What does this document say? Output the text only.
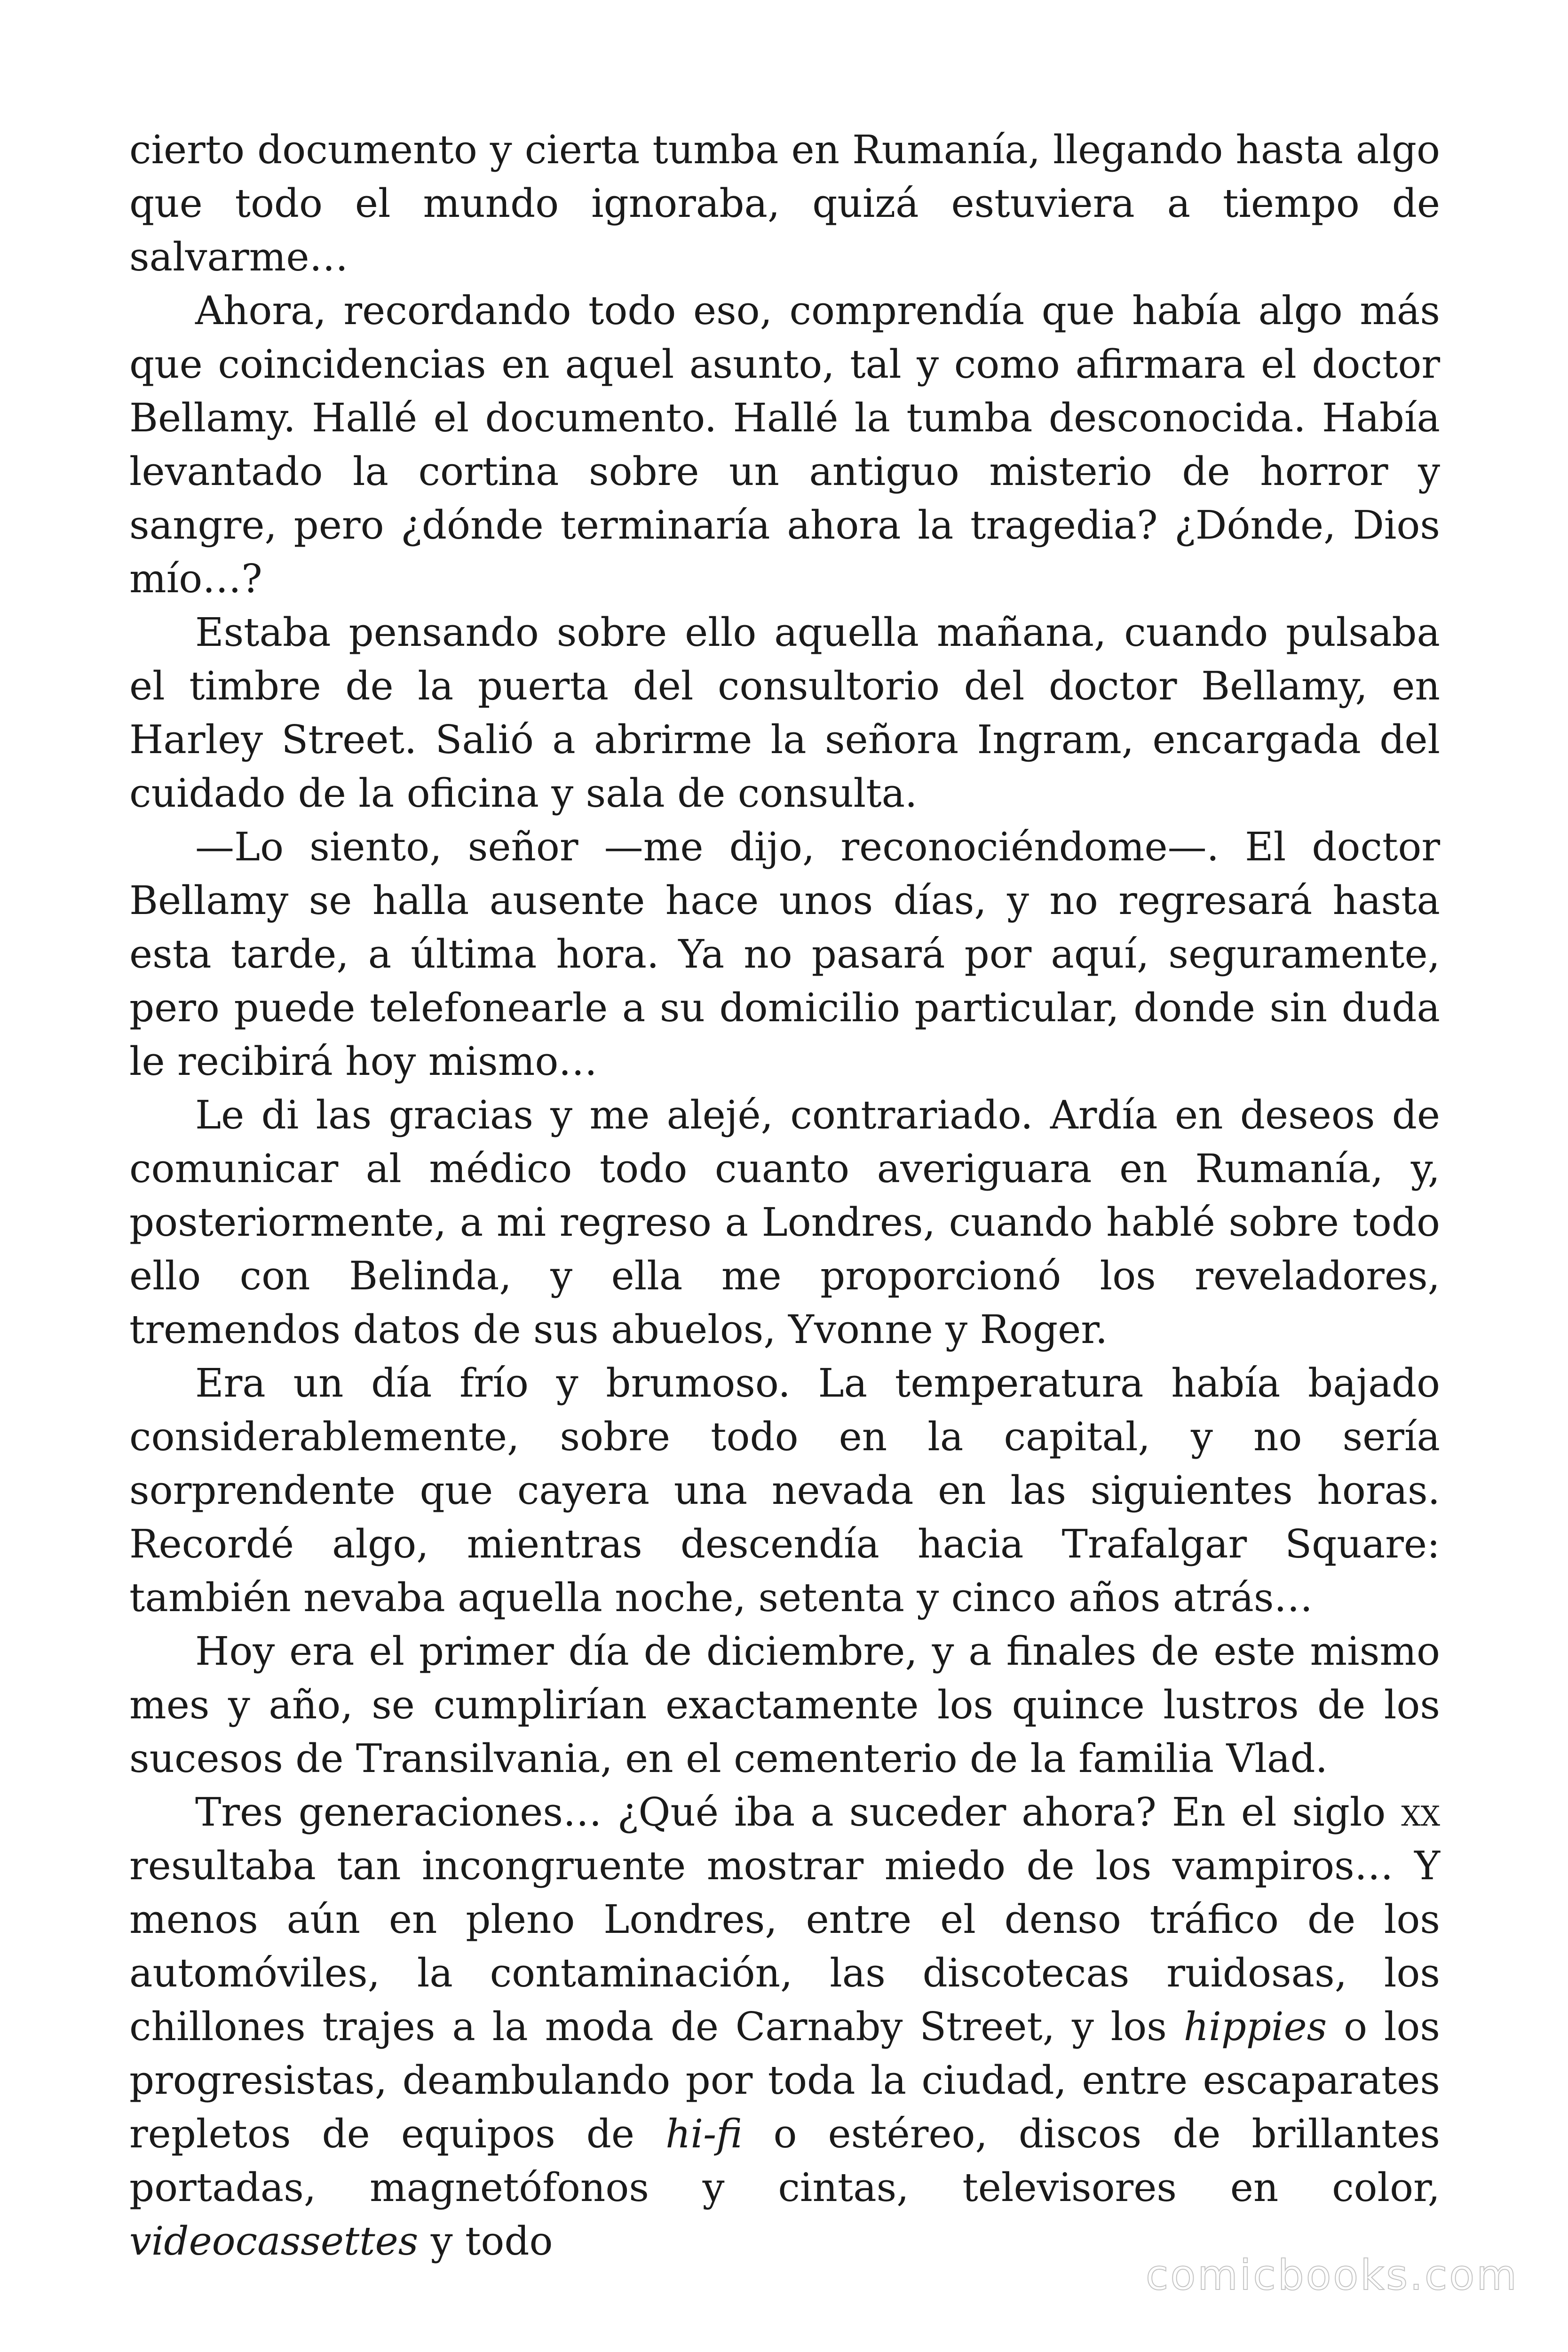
cierto documento y cierta tumba en Rumanía, llegando hasta algo que todo el mundo ignoraba, quizá estuviera a tiempo de salvarme…

Ahora, recordando todo eso, comprendía que había algo más que coincidencias en aquel asunto, tal y como afirmara el doctor Bellamy. Hallé el documento. Hallé la tumba desconocida. Había levantado la cortina sobre un antiguo misterio de horror y sangre, pero ¿dónde terminaría ahora la tragedia? ¿Dónde, Dios mío…?

Estaba pensando sobre ello aquella mañana, cuando pulsaba el timbre de la puerta del consultorio del doctor Bellamy, en Harley Street. Salió a abrirme la señora Ingram, encargada del cuidado de la oficina y sala de consulta.

—Lo siento, señor —me dijo, reconociéndome—. El doctor Bellamy se halla ausente hace unos días, y no regresará hasta esta tarde, a última hora. Ya no pasará por aquí, seguramente, pero puede telefonearle a su domicilio particular, donde sin duda le recibirá hoy mismo…

Le di las gracias y me alejé, contrariado. Ardía en deseos de comunicar al médico todo cuanto averiguara en Rumanía, y, posteriormente, a mi regreso a Londres, cuando hablé sobre todo ello con Belinda, y ella me proporcionó los reveladores, tremendos datos de sus abuelos, Yvonne y Roger.

Era un día frío y brumoso. La temperatura había bajado considerablemente, sobre todo en la capital, y no sería sorprendente que cayera una nevada en las siguientes horas. Recordé algo, mientras descendía hacia Trafalgar Square: también nevaba aquella noche, setenta y cinco años atrás…

Hoy era el primer día de diciembre, y a finales de este mismo mes y año, se cumplirían exactamente los quince lustros de los sucesos de Transilvania, en el cementerio de la familia Vlad.

Tres generaciones… ¿Qué iba a suceder ahora? En el siglo xx resultaba tan incongruente mostrar miedo de los vampiros… Y menos aún en pleno Londres, entre el denso tráfico de los automóviles, la contaminación, las discotecas ruidosas, los chillones trajes a la moda de Carnaby Street, y los hippies o los progresistas, deambulando por toda la ciudad, entre escaparates repletos de equipos de hi-fi o estéreo, discos de brillantes portadas, magnetófonos y cintas, televisores en color, videocassettes y todo

comicbooks.com
